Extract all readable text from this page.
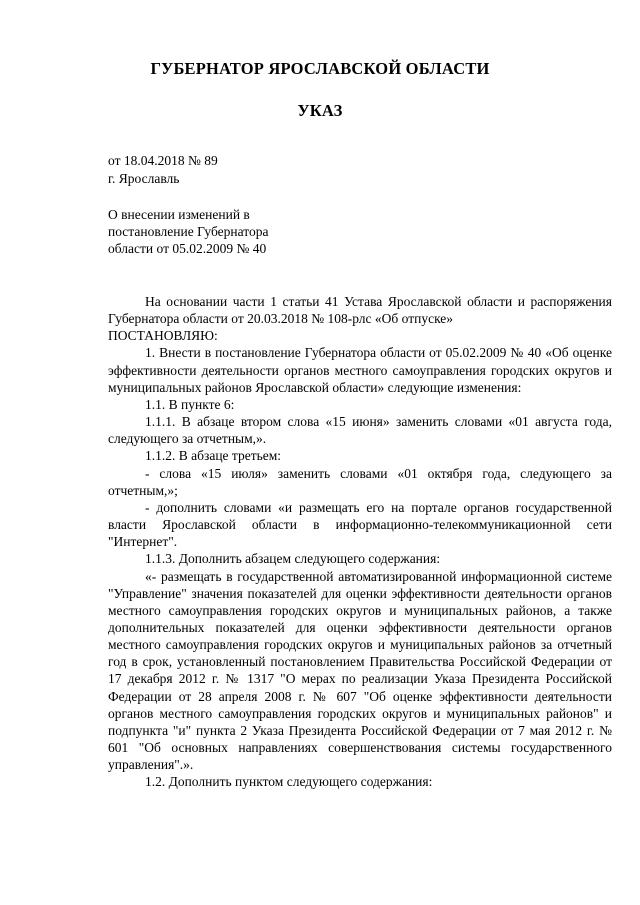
ГУБЕРНАТОР ЯРОСЛАВСКОЙ ОБЛАСТИ
УКАЗ
от 18.04.2018 № 89
г. Ярославль
О внесении изменений в
постановление Губернатора
области от 05.02.2009 № 40

На основании части 1 статьи 41 Устава Ярославской области и распоряжения Губернатора области от 20.03.2018 № 108-рлс «Об отпуске»

ПОСТАНОВЛЯЮ:

1. Внести в постановление Губернатора области от 05.02.2009 № 40 «Об оценке эффективности деятельности органов местного самоуправления городских округов и муниципальных районов Ярославской области» следующие изменения:

1.1. В пункте 6:

1.1.1. В абзаце втором слова «15 июня» заменить словами «01 августа года, следующего за отчетным,».

1.1.2. В абзаце третьем:

- слова «15 июля» заменить словами «01 октября года, следующего за отчетным,»;

- дополнить словами «и размещать его на портале органов государственной власти Ярославской области в информационно-телекоммуникационной сети "Интернет".

1.1.3. Дополнить абзацем следующего содержания:

«- размещать в государственной автоматизированной информационной системе "Управление" значения показателей для оценки эффективности деятельности органов местного самоуправления городских округов и муниципальных районов, а также дополнительных показателей для оценки эффективности деятельности органов местного самоуправления городских округов и муниципальных районов за отчетный год в срок, установленный постановлением Правительства Российской Федерации от 17 декабря 2012 г. № 1317 "О мерах по реализации Указа Президента Российской Федерации от 28 апреля 2008 г. № 607 "Об оценке эффективности деятельности органов местного самоуправления городских округов и муниципальных районов" и подпункта "и" пункта 2 Указа Президента Российской Федерации от 7 мая 2012 г. № 601 "Об основных направлениях совершенствования системы государственного управления".».

1.2. Дополнить пунктом следующего содержания:
